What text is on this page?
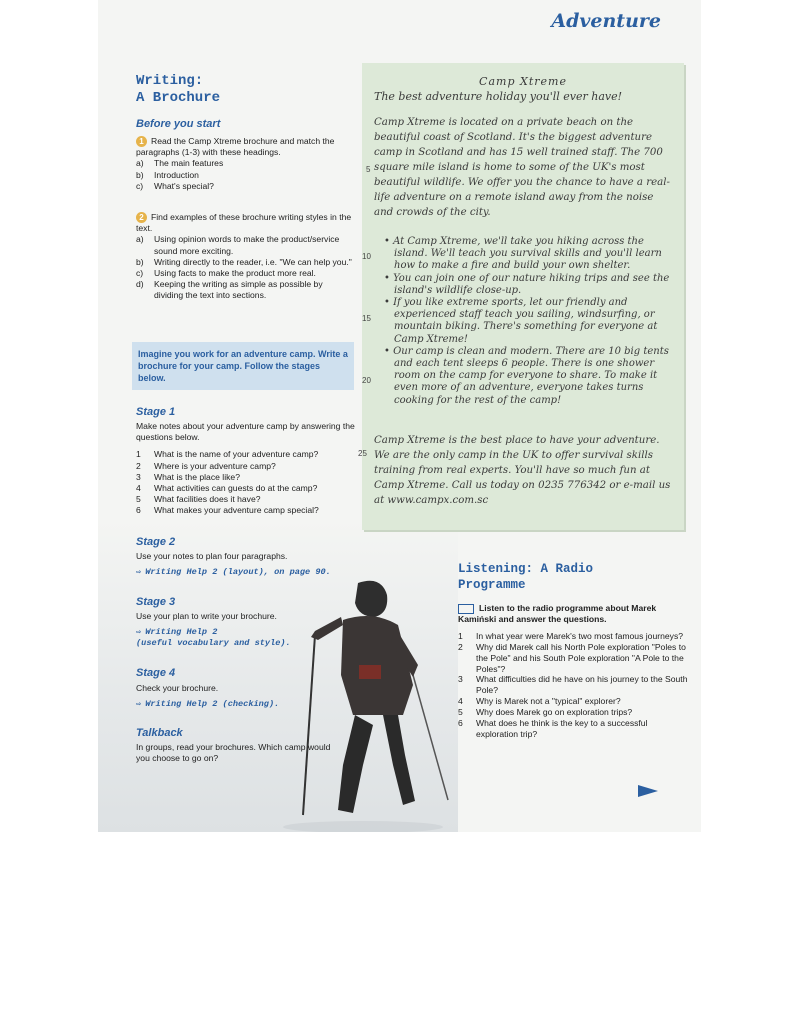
Adventure
Writing:
A Brochure
Before you start
1 Read the Camp Xtreme brochure and match the paragraphs (1-3) with these headings.
a)	The main features
b)	Introduction
c)	What's special?
2 Find examples of these brochure writing styles in the text.
a)	Using opinion words to make the product/service sound more exciting.
b)	Writing directly to the reader, i.e. "We can help you."
c)	Using facts to make the product more real.
d)	Keeping the writing as simple as possible by dividing the text into sections.
Imagine you work for an adventure camp. Write a brochure for your camp. Follow the stages below.
Stage 1
Make notes about your adventure camp by answering the questions below.
1	What is the name of your adventure camp?
2	Where is your adventure camp?
3	What is the place like?
4	What activities can guests do at the camp?
5	What facilities does it have?
6	What makes your adventure camp special?
Stage 2
Use your notes to plan four paragraphs.
⇨ Writing Help 2 (layout), on page 90.
Stage 3
Use your plan to write your brochure.
⇨ Writing Help 2
(useful vocabulary and style).
Stage 4
Check your brochure.
⇨ Writing Help 2 (checking).
Talkback
In groups, read your brochures. Which camp would you choose to go on?
Camp Xtreme
The best adventure holiday you'll ever have!
Camp Xtreme is located on a private beach on the beautiful coast of Scotland. It's the biggest adventure camp in Scotland and has 15 well trained staff. The 700 square mile island is home to some of the UK's most beautiful wildlife. We offer you the chance to have a real-life adventure on a remote island away from the noise and crowds of the city.
• At Camp Xtreme, we'll take you hiking across the island. We'll teach you survival skills and you'll learn how to make a fire and build your own shelter.
• You can join one of our nature hiking trips and see the island's wildlife close-up.
• If you like extreme sports, let our friendly and experienced staff teach you sailing, windsurfing, or mountain biking. There's something for everyone at Camp Xtreme!
• Our camp is clean and modern. There are 10 big tents and each tent sleeps 6 people. There is one shower room on the camp for everyone to share. To make it even more of an adventure, everyone takes turns cooking for the rest of the camp!
Camp Xtreme is the best place to have your adventure. We are the only camp in the UK to offer survival skills training from real experts. You'll have so much fun at Camp Xtreme. Call us today on 0235 776342 or e-mail us at www.campx.com.sc
5
10
15
20
25
Listening: A Radio
Programme
Listen to the radio programme about Marek Kamiński and answer the questions.
1	In what year were Marek's two most famous journeys?
2	Why did Marek call his North Pole exploration "Poles to the Pole" and his South Pole exploration "A Pole to the Poles"?
3	What difficulties did he have on his journey to the South Pole?
4	Why is Marek not a "typical" explorer?
5	Why does Marek go on exploration trips?
6	What does he think is the key to a successful exploration trip?
